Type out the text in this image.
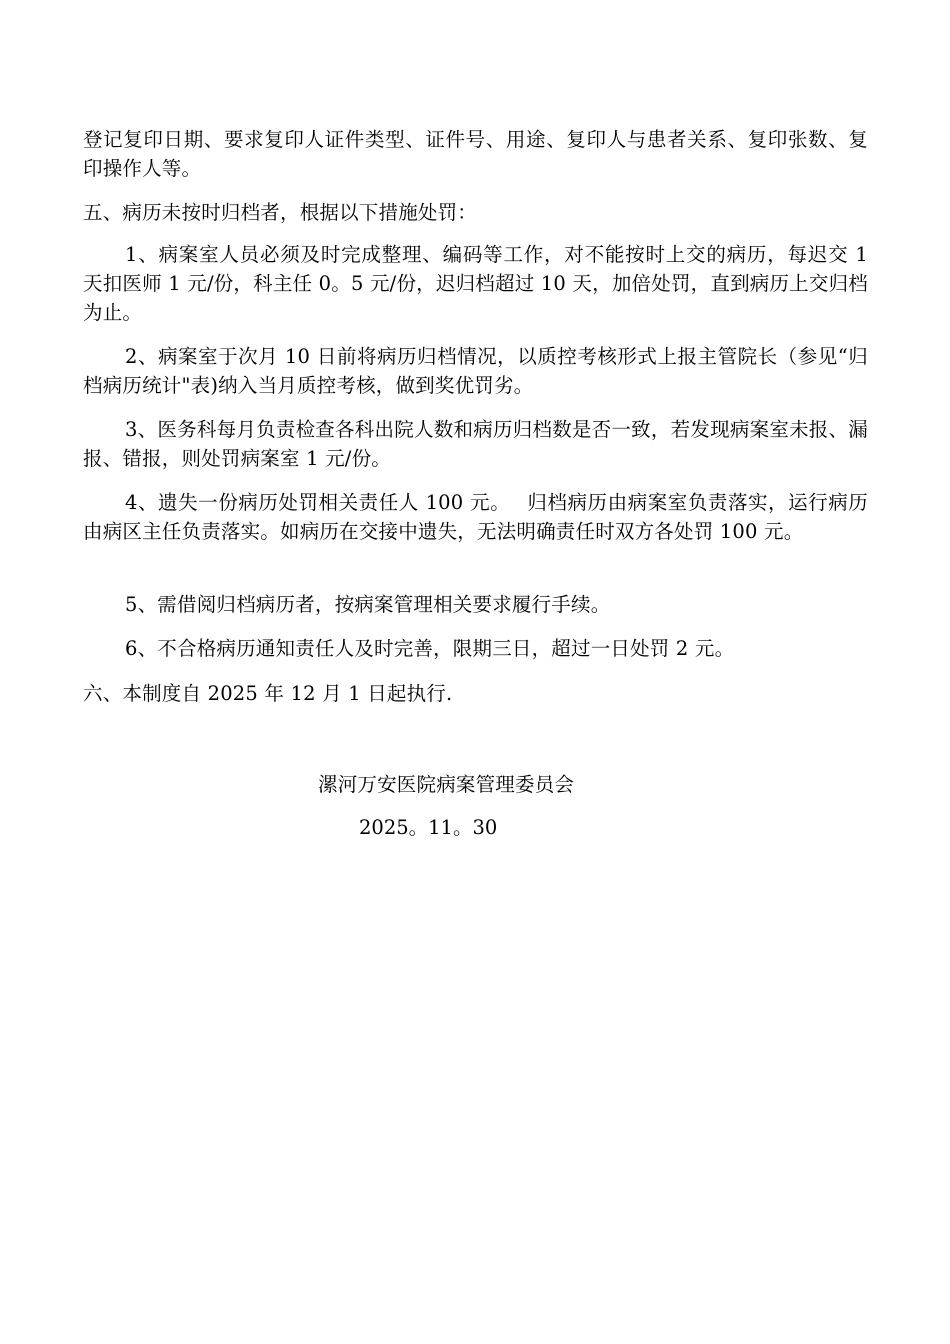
登记复印日期、要求复印人证件类型、证件号、用途、复印人与患者关系、复印张数、复印操作人等。

五、病历未按时归档者，根据以下措施处罚：

1、病案室人员必须及时完成整理、编码等工作，对不能按时上交的病历，每迟交 1 天扣医师 1 元/份，科主任 0。5 元/份，迟归档超过 10 天，加倍处罚，直到病历上交归档为止。

2、病案室于次月 10 日前将病历归档情况，以质控考核形式上报主管院长（参见“归档病历统计"表)纳入当月质控考核，做到奖优罚劣。

3、医务科每月负责检查各科出院人数和病历归档数是否一致，若发现病案室未报、漏报、错报，则处罚病案室 1 元/份。

4、遗失一份病历处罚相关责任人 100 元。　 归档病历由病案室负责落实，运行病历由病区主任负责落实。如病历在交接中遗失，无法明确责任时双方各处罚 100 元。

5、需借阅归档病历者，按病案管理相关要求履行手续。

6、不合格病历通知责任人及时完善，限期三日，超过一日处罚 2 元。

六、本制度自 2025 年 12 月 1 日起执行.

漯河万安医院病案管理委员会
2025。11。30
